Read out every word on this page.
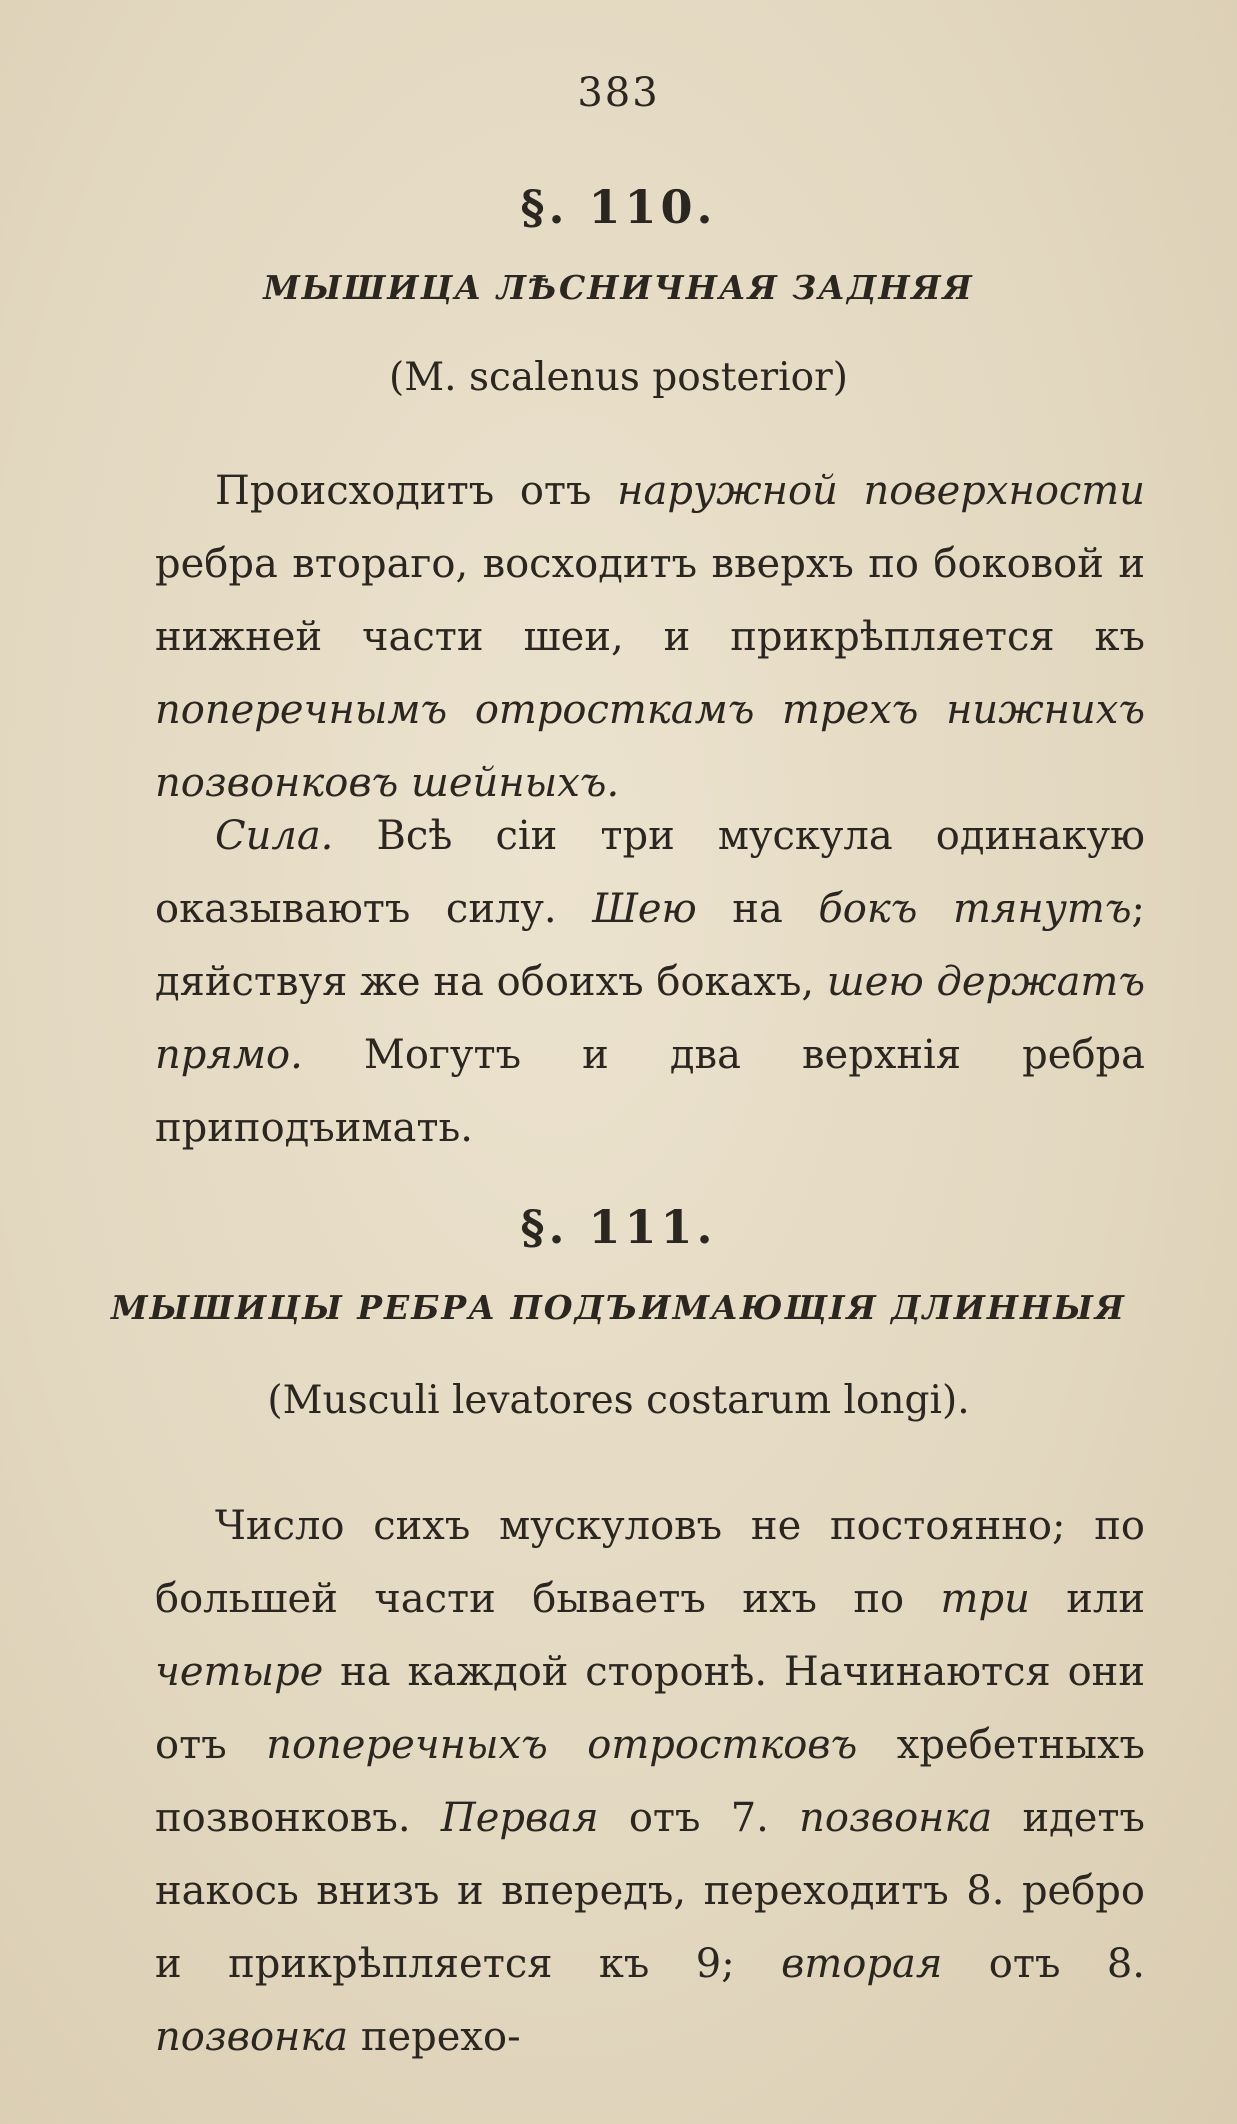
383
§. 110.
МЫШИЦА ЛѢСНИЧНАЯ ЗАДНЯЯ
(M. scalenus posterior)
Происходитъ отъ наружной поверхности ребра втораго, восходитъ вверхъ по боковой и нижней части шеи, и прикрѣпляется къ поперечнымъ отросткамъ трехъ нижнихъ позвонковъ шейныхъ.
Сила. Всѣ сіи три мускула одинакую оказываютъ силу. Шею на бокъ тянутъ; дяйствуя же на обоихъ бокахъ, шею держатъ прямо. Могутъ и два верхнія ребра приподъимать.
§. 111.
МЫШИЦЫ РЕБРА ПОДЪИМАЮЩІЯ ДЛИННЫЯ
(Musculi levatores costarum longi).
Число сихъ мускуловъ не постоянно; по большей части бываетъ ихъ по три или четыре на каждой сторонѣ. Начинаются они отъ поперечныхъ отростковъ хребетныхъ позвонковъ. Первая отъ 7. позвонка идетъ накось внизъ и впередъ, переходитъ 8. ребро и прикрѣпляется къ 9; вторая отъ 8. позвонка перехо-
